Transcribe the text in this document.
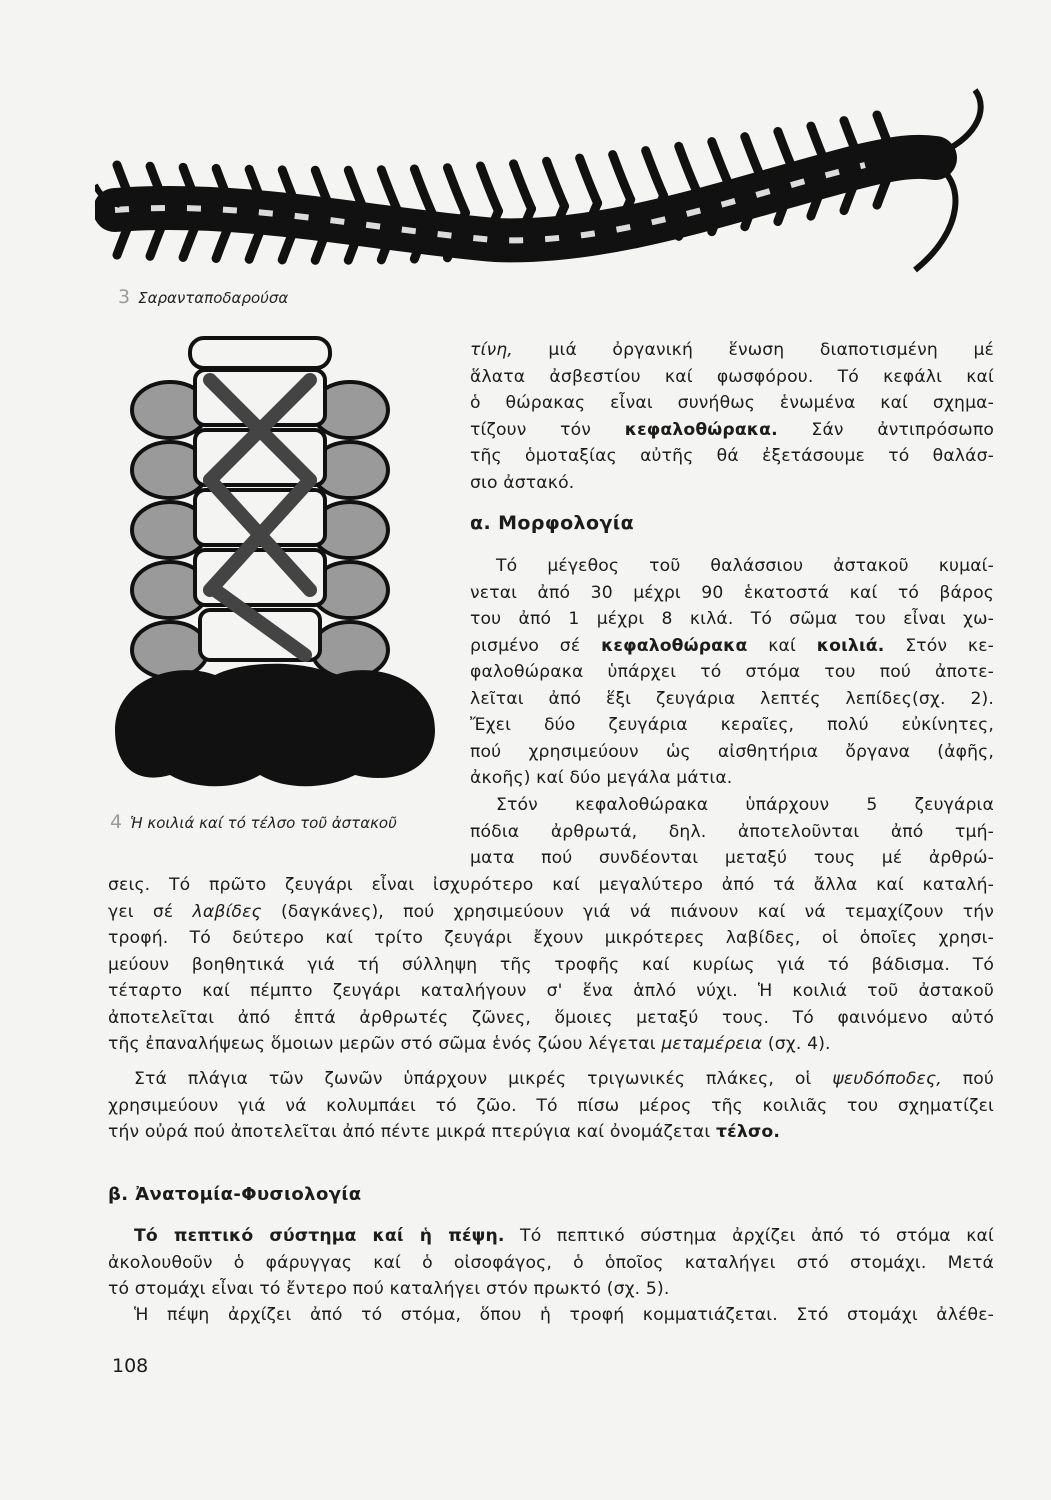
3 Σαρανταποδαρούσα
4 Ἡ κοιλιά καί τό τέλσο τοῦ ἀστακοῦ

τίνη, μιά ὀργανική ἕνωση διαποτισμένη μέ

ἅλατα ἀσβεστίου καί φωσφόρου. Τό κεφάλι καί

ὁ θώρακας εἶναι συνήθως ἑνωμένα καί σχημα-

τίζουν τόν κεφαλοθώρακα. Σάν ἀντιπρόσωπο

τῆς ὁμοταξίας αὐτῆς θά ἐξετάσουμε τό θαλάσ-

σιο ἀστακό.

α. Μορφολογία

Τό μέγεθος τοῦ θαλάσσιου ἀστακοῦ κυμαί-

νεται ἀπό 30 μέχρι 90 ἑκατοστά καί τό βάρος

του ἀπό 1 μέχρι 8 κιλά. Τό σῶμα του εἶναι χω-

ρισμένο σέ κεφαλοθώρακα καί κοιλιά. Στόν κε-

φαλοθώρακα ὑπάρχει τό στόμα του πού ἀποτε-

λεῖται ἀπό ἕξι ζευγάρια λεπτές λεπίδες(σχ. 2).

Ἔχει δύο ζευγάρια κεραῖες, πολύ εὐκίνητες,

πού χρησιμεύουν ὡς αἰσθητήρια ὄργανα (ἀφῆς,

ἀκοῆς) καί δύο μεγάλα μάτια.

Στόν κεφαλοθώρακα ὑπάρχουν 5 ζευγάρια

πόδια ἀρθρωτά, δηλ. ἀποτελοῦνται ἀπό τμή-

ματα πού συνδέονται μεταξύ τους μέ ἀρθρώ-

σεις. Τό πρῶτο ζευγάρι εἶναι ἰσχυρότερο καί μεγαλύτερο ἀπό τά ἄλλα καί καταλή-

γει σέ λαβίδες (δαγκάνες), πού χρησιμεύουν γιά νά πιάνουν καί νά τεμαχίζουν τήν

τροφή. Τό δεύτερο καί τρίτο ζευγάρι ἔχουν μικρότερες λαβίδες, οἱ ὁποῖες χρησι-

μεύουν βοηθητικά γιά τή σύλληψη τῆς τροφῆς καί κυρίως γιά τό βάδισμα. Τό

τέταρτο καί πέμπτο ζευγάρι καταλήγουν σ' ἕνα ἁπλό νύχι. Ἡ κοιλιά τοῦ ἀστακοῦ

ἀποτελεῖται ἀπό ἑπτά ἀρθρωτές ζῶνες, ὅμοιες μεταξύ τους. Τό φαινόμενο αὐτό

τῆς ἐπαναλήψεως ὅμοιων μερῶν στό σῶμα ἑνός ζώου λέγεται μεταμέρεια (σχ. 4).

Στά πλάγια τῶν ζωνῶν ὑπάρχουν μικρές τριγωνικές πλάκες, οἱ ψευδόποδες, πού

χρησιμεύουν γιά νά κολυμπάει τό ζῶο. Τό πίσω μέρος τῆς κοιλιᾶς του σχηματίζει

τήν οὐρά πού ἀποτελεῖται ἀπό πέντε μικρά πτερύγια καί ὀνομάζεται τέλσο.

β. Ἀνατομία-Φυσιολογία

Τό πεπτικό σύστημα καί ἡ πέψη. Τό πεπτικό σύστημα ἀρχίζει ἀπό τό στόμα καί

ἀκολουθοῦν ὁ φάρυγγας καί ὁ οἰσοφάγος, ὁ ὁποῖος καταλήγει στό στομάχι. Μετά

τό στομάχι εἶναι τό ἔντερο πού καταλήγει στόν πρωκτό (σχ. 5).

Ἡ πέψη ἀρχίζει ἀπό τό στόμα, ὅπου ἡ τροφή κομματιάζεται. Στό στομάχι ἀλέθε-

108
